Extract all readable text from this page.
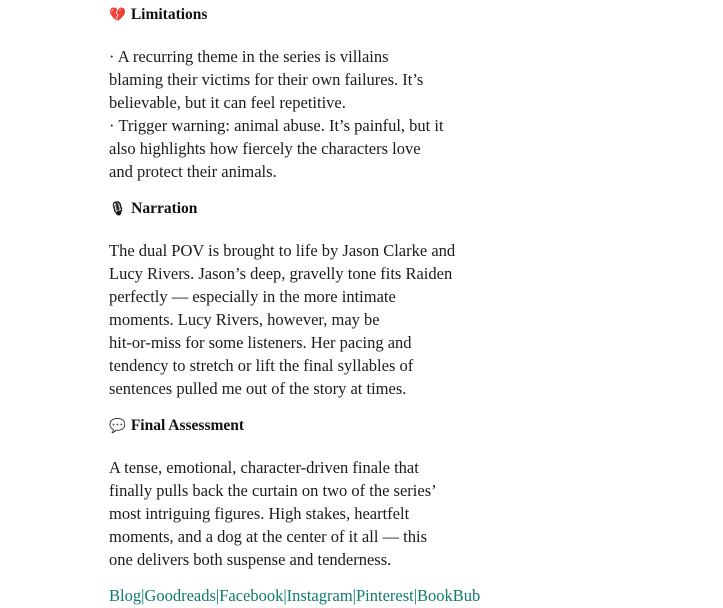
💔 Limitations

· A recurring theme in the series is villains

blaming their victims for their own failures. It’s

believable, but it can feel repetitive.

· Trigger warning: animal abuse. It’s painful, but it

also highlights how fiercely the characters love

and protect their animals.

🎙 Narration

The dual POV is brought to life by Jason Clarke and

Lucy Rivers. Jason’s deep, gravelly tone fits Raiden

perfectly — especially in the more intimate

moments. Lucy Rivers, however, may be

hit-or-miss for some listeners. Her pacing and

tendency to stretch or lift the final syllables of

sentences pulled me out of the story at times.

💬 Final Assessment

A tense, emotional, character-driven finale that

finally pulls back the curtain on two of the series’

most intriguing figures. High stakes, heartfelt

moments, and a dog at the center of it all — this

one delivers both suspense and tenderness.

Blog|Goodreads|Facebook|Instagram|Pinterest|BookBub
